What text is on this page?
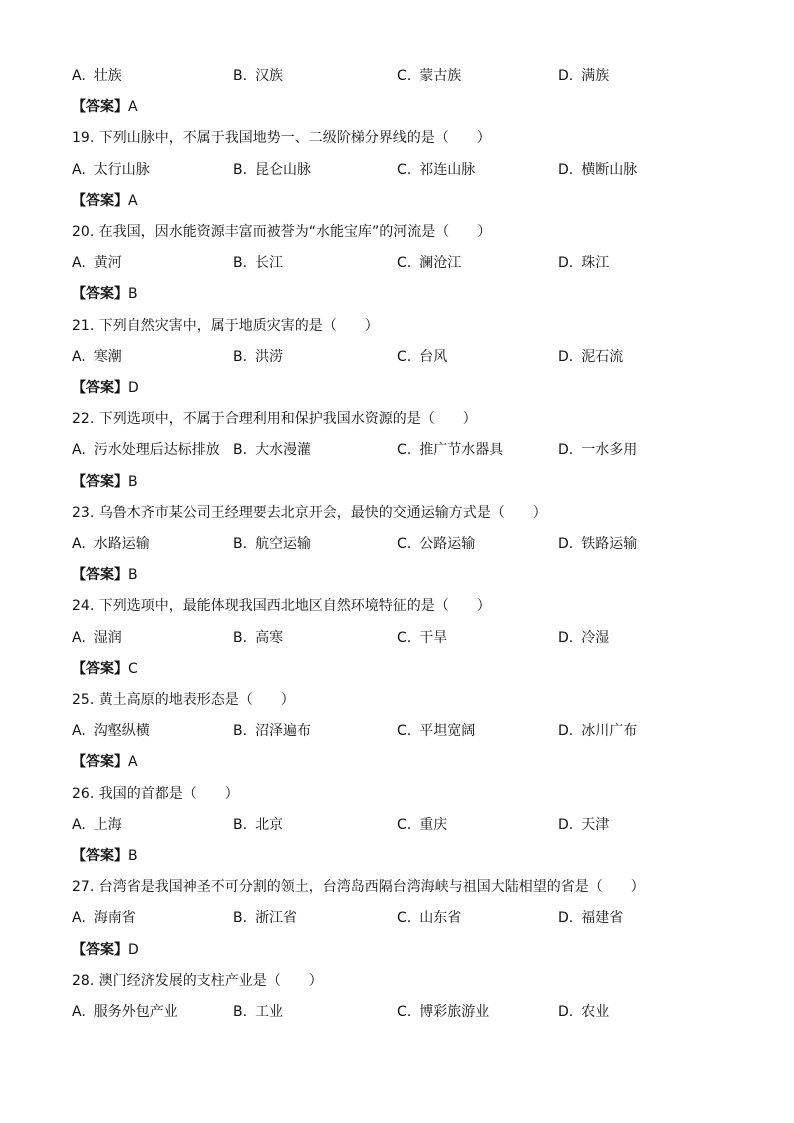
A. 壮族	B. 汉族	C. 蒙古族	D. 满族
【答案】A
19. 下列山脉中，不属于我国地势一、二级阶梯分界线的是（　　）
A. 太行山脉	B. 昆仑山脉	C. 祁连山脉	D. 横断山脉
【答案】A
20. 在我国，因水能资源丰富而被誉为“水能宝库”的河流是（　　）
A. 黄河	B. 长江	C. 澜沧江	D. 珠江
【答案】B
21. 下列自然灾害中，属于地质灾害的是（　　）
A. 寒潮	B. 洪涝	C. 台风	D. 泥石流
【答案】D
22. 下列选项中，不属于合理利用和保护我国水资源的是（　　）
A. 污水处理后达标排放 B. 大水漫灌	C. 推广节水器具	D. 一水多用
【答案】B
23. 乌鲁木齐市某公司王经理要去北京开会，最快的交通运输方式是（　　）
A. 水路运输	B. 航空运输	C. 公路运输	D. 铁路运输
【答案】B
24. 下列选项中，最能体现我国西北地区自然环境特征的是（　　）
A. 湿润	B. 高寒	C. 干旱	D. 冷湿
【答案】C
25. 黄土高原的地表形态是（　　）
A. 沟壑纵横	B. 沼泽遍布	C. 平坦宽阔	D. 冰川广布
【答案】A
26. 我国的首都是（　　）
A. 上海	B. 北京	C. 重庆	D. 天津
【答案】B
27. 台湾省是我国神圣不可分割的领土，台湾岛西隔台湾海峡与祖国大陆相望的省是（　　）
A. 海南省	B. 浙江省	C. 山东省	D. 福建省
【答案】D
28. 澳门经济发展的支柱产业是（　　）
A. 服务外包产业	B. 工业	C. 博彩旅游业	D. 农业
